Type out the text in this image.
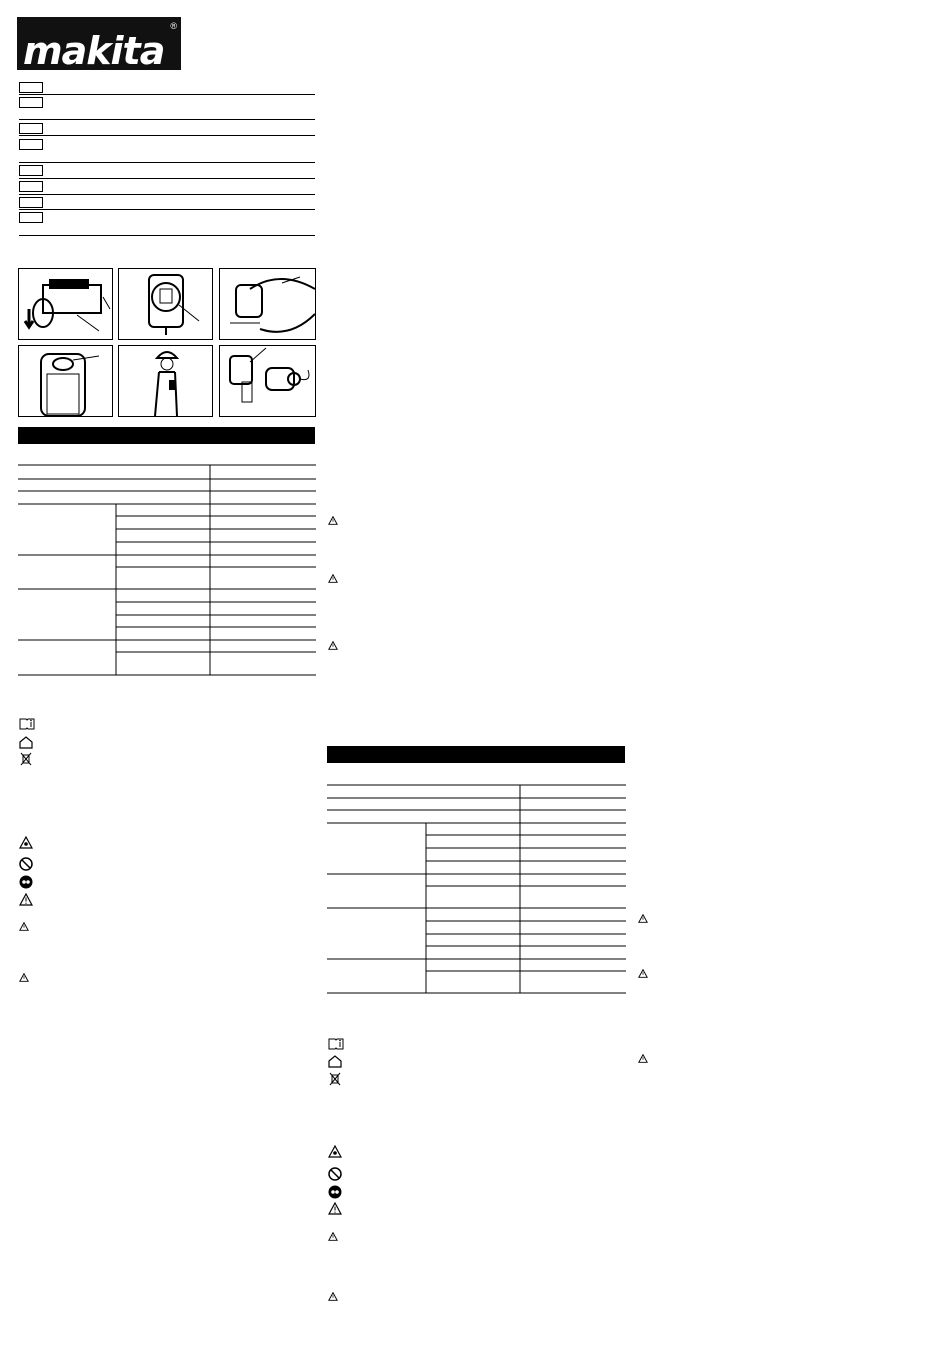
makita
®
